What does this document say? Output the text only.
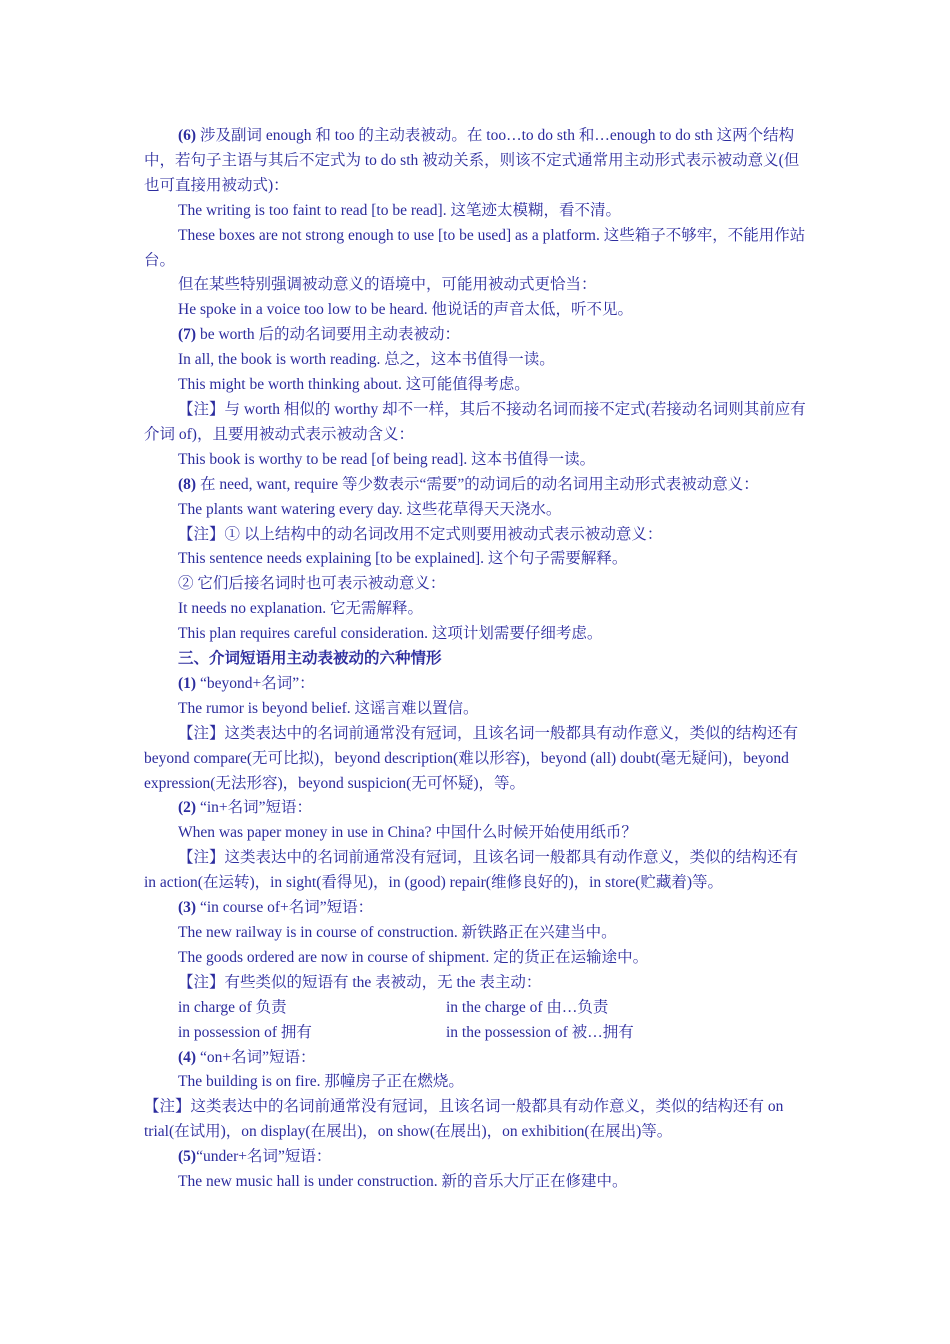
(6) 涉及副词 enough 和 too 的主动表被动。在 too…to do sth 和…enough to do sth 这两个结构中，若句子主语与其后不定式为 to do sth 被动关系，则该不定式通常用主动形式表示被动意义(但也可直接用被动式)：

The writing is too faint to read [to be read]. 这笔迹太模糊，看不清。

These boxes are not strong enough to use [to be used] as a platform. 这些箱子不够牢，不能用作站台。

但在某些特别强调被动意义的语境中，可能用被动式更恰当：

He spoke in a voice too low to be heard. 他说话的声音太低，听不见。

(7) be worth 后的动名词要用主动表被动：

In all, the book is worth reading. 总之，这本书值得一读。

This might be worth thinking about. 这可能值得考虑。

【注】与 worth 相似的 worthy 却不一样，其后不接动名词而接不定式(若接动名词则其前应有介词 of)，且要用被动式表示被动含义：

This book is worthy to be read [of being read]. 这本书值得一读。

(8) 在 need, want, require 等少数表示“需要”的动词后的动名词用主动形式表被动意义：

The plants want watering every day. 这些花草得天天浇水。

【注】① 以上结构中的动名词改用不定式则要用被动式表示被动意义：

This sentence needs explaining [to be explained]. 这个句子需要解释。

② 它们后接名词时也可表示被动意义：

It needs no explanation. 它无需解释。

This plan requires careful consideration. 这项计划需要仔细考虑。

三、介词短语用主动表被动的六种情形

(1) “beyond+名词”：

The rumor is beyond belief. 这谣言难以置信。

【注】这类表达中的名词前通常没有冠词，且该名词一般都具有动作意义，类似的结构还有 beyond compare(无可比拟)，beyond description(难以形容)，beyond (all) doubt(毫无疑问)，beyond expression(无法形容)，beyond suspicion(无可怀疑)，等。

(2) “in+名词”短语：

When was paper money in use in China? 中国什么时候开始使用纸币？

【注】这类表达中的名词前通常没有冠词，且该名词一般都具有动作意义，类似的结构还有 in action(在运转)，in sight(看得见)，in (good) repair(维修良好的)，in store(贮藏着)等。

(3) “in course of+名词”短语：

The new railway is in course of construction. 新铁路正在兴建当中。

The goods ordered are now in course of shipment. 定的货正在运输途中。

【注】有些类似的短语有 the 表被动，无 the 表主动：

in charge of 负责	in the charge of 由…负责
in possession of 拥有	in the possession of 被…拥有

(4) “on+名词”短语：

The building is on fire. 那幢房子正在燃烧。

【注】这类表达中的名词前通常没有冠词，且该名词一般都具有动作意义，类似的结构还有 on trial(在试用)，on display(在展出)，on show(在展出)，on exhibition(在展出)等。

(5)“under+名词”短语：

The new music hall is under construction. 新的音乐大厅正在修建中。
